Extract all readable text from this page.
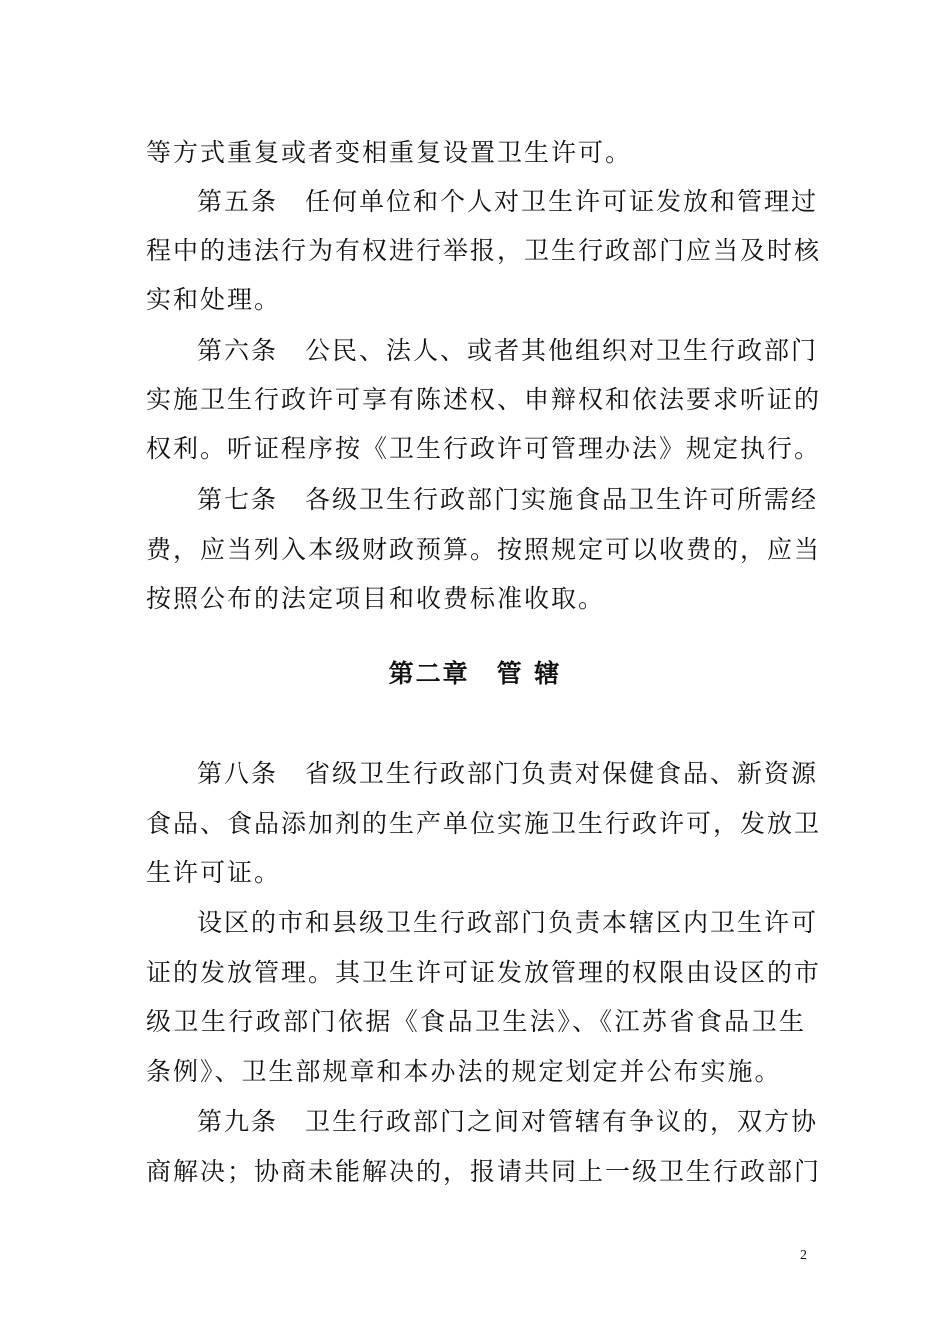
等方式重复或者变相重复设置卫生许可。
第五条　任何单位和个人对卫生许可证发放和管理过
程中的违法行为有权进行举报，卫生行政部门应当及时核
实和处理。
第六条　公民、法人、或者其他组织对卫生行政部门
实施卫生行政许可享有陈述权、申辩权和依法要求听证的
权利。听证程序按《卫生行政许可管理办法》规定执行。
第七条　各级卫生行政部门实施食品卫生许可所需经
费，应当列入本级财政预算。按照规定可以收费的，应当
按照公布的法定项目和收费标准收取。
第二章　管 辖
第八条　省级卫生行政部门负责对保健食品、新资源
食品、食品添加剂的生产单位实施卫生行政许可，发放卫
生许可证。
设区的市和县级卫生行政部门负责本辖区内卫生许可
证的发放管理。其卫生许可证发放管理的权限由设区的市
级卫生行政部门依据《食品卫生法》、《江苏省食品卫生
条例》、卫生部规章和本办法的规定划定并公布实施。
第九条　卫生行政部门之间对管辖有争议的，双方协
商解决；协商未能解决的，报请共同上一级卫生行政部门
2
